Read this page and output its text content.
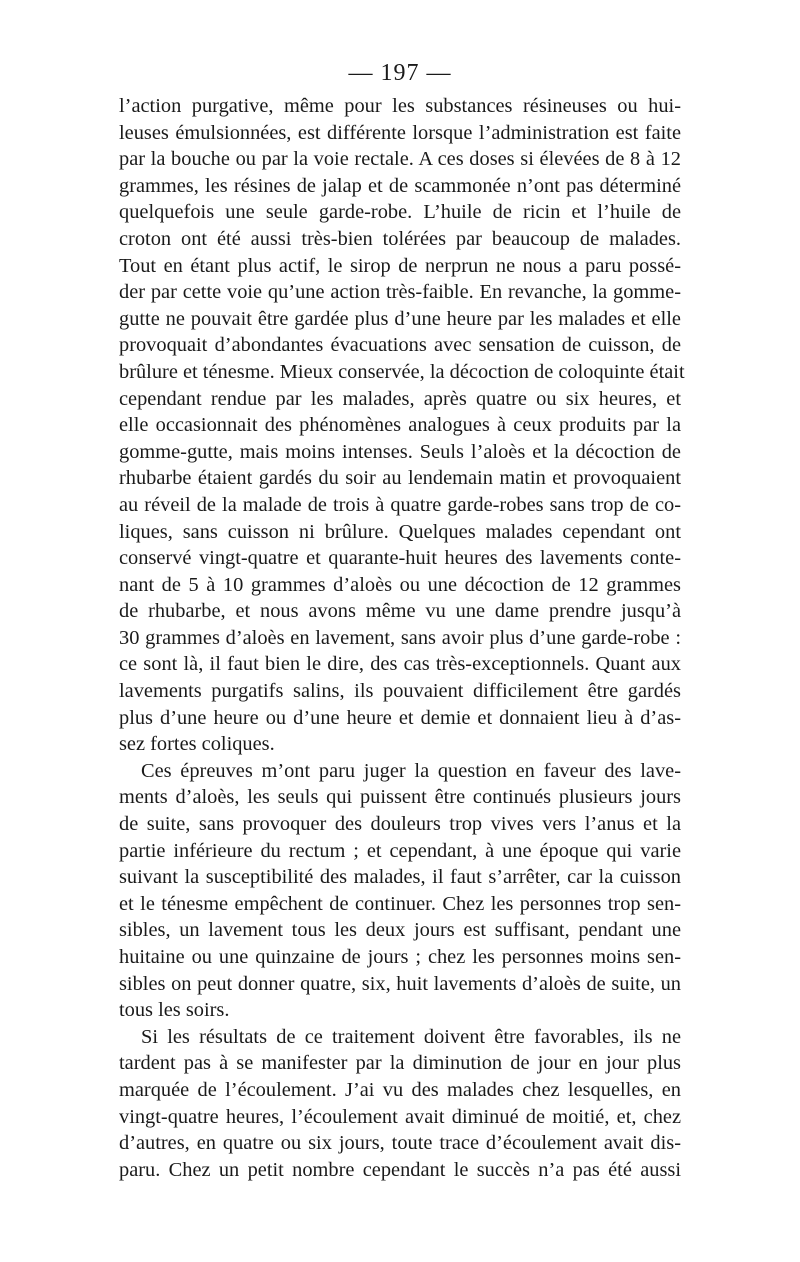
— 197 —
l’action purgative, même pour les substances résineuses ou hui-
leuses émulsionnées, est différente lorsque l’administration est faite
par la bouche ou par la voie rectale. A ces doses si élevées de 8 à 12
grammes, les résines de jalap et de scammonée n’ont pas déterminé
quelquefois une seule garde-robe. L’huile de ricin et l’huile de
croton ont été aussi très-bien tolérées par beaucoup de malades.
Tout en étant plus actif, le sirop de nerprun ne nous a paru possé-
der par cette voie qu’une action très-faible. En revanche, la gomme-
gutte ne pouvait être gardée plus d’une heure par les malades et elle
provoquait d’abondantes évacuations avec sensation de cuisson, de
brûlure et ténesme. Mieux conservée, la décoction de coloquinte était
cependant rendue par les malades, après quatre ou six heures, et
elle occasionnait des phénomènes analogues à ceux produits par la
gomme-gutte, mais moins intenses. Seuls l’aloès et la décoction de
rhubarbe étaient gardés du soir au lendemain matin et provoquaient
au réveil de la malade de trois à quatre garde-robes sans trop de co-
liques, sans cuisson ni brûlure. Quelques malades cependant ont
conservé vingt-quatre et quarante-huit heures des lavements conte-
nant de 5 à 10 grammes d’aloès ou une décoction de 12 grammes
de rhubarbe, et nous avons même vu une dame prendre jusqu’à
30 grammes d’aloès en lavement, sans avoir plus d’une garde-robe :
ce sont là, il faut bien le dire, des cas très-exceptionnels. Quant aux
lavements purgatifs salins, ils pouvaient difficilement être gardés
plus d’une heure ou d’une heure et demie et donnaient lieu à d’as-
sez fortes coliques.
Ces épreuves m’ont paru juger la question en faveur des lave-
ments d’aloès, les seuls qui puissent être continués plusieurs jours
de suite, sans provoquer des douleurs trop vives vers l’anus et la
partie inférieure du rectum ; et cependant, à une époque qui varie
suivant la susceptibilité des malades, il faut s’arrêter, car la cuisson
et le ténesme empêchent de continuer. Chez les personnes trop sen-
sibles, un lavement tous les deux jours est suffisant, pendant une
huitaine ou une quinzaine de jours ; chez les personnes moins sen-
sibles on peut donner quatre, six, huit lavements d’aloès de suite, un
tous les soirs.
Si les résultats de ce traitement doivent être favorables, ils ne
tardent pas à se manifester par la diminution de jour en jour plus
marquée de l’écoulement. J’ai vu des malades chez lesquelles, en
vingt-quatre heures, l’écoulement avait diminué de moitié, et, chez
d’autres, en quatre ou six jours, toute trace d’écoulement avait dis-
paru. Chez un petit nombre cependant le succès n’a pas été aussi
